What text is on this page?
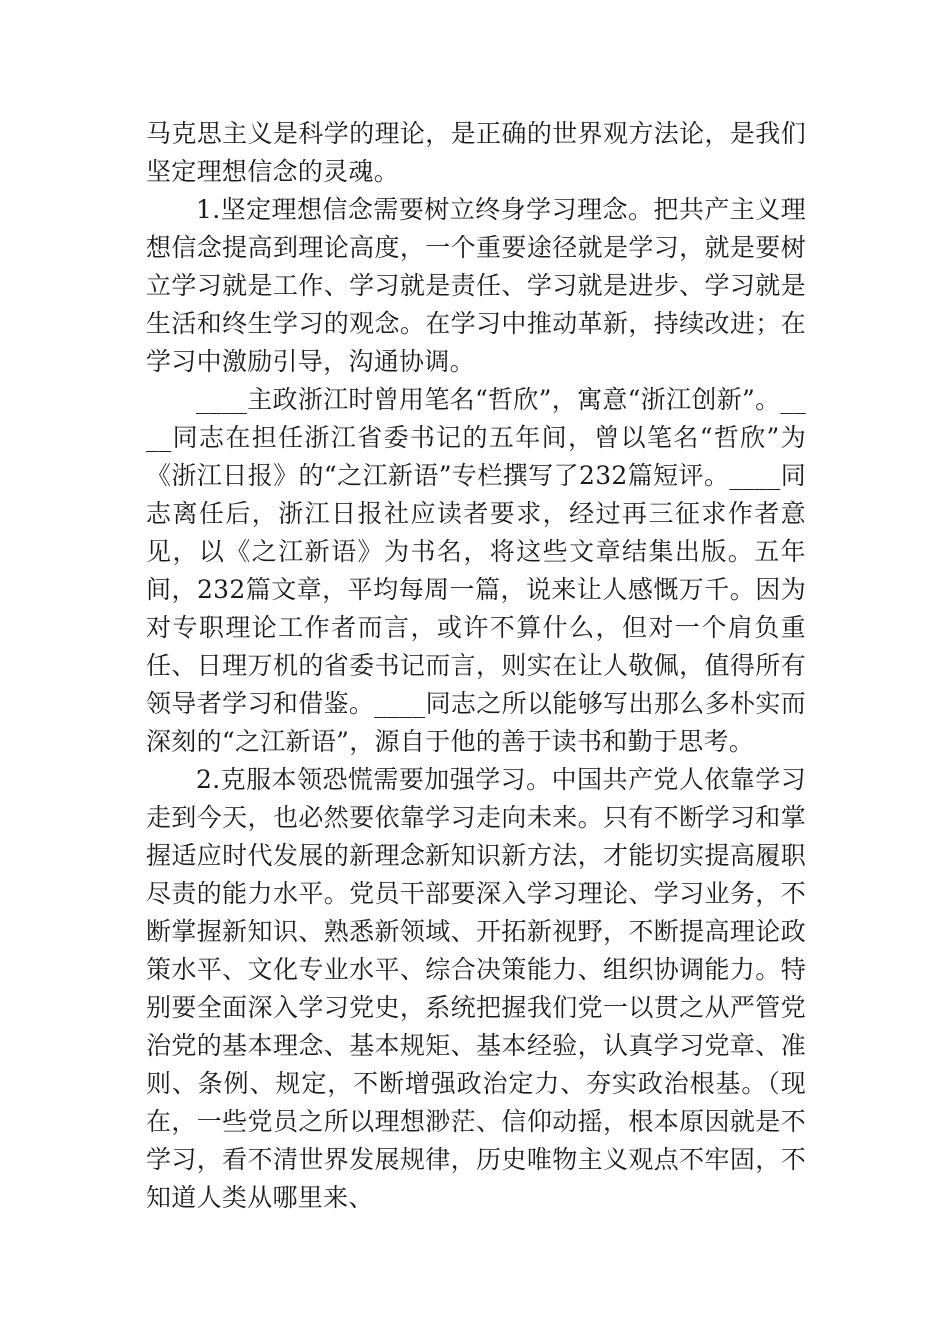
马克思主义是科学的理论，是正确的世界观方法论，是我们坚定理想信念的灵魂。

1.坚定理想信念需要树立终身学习理念。把共产主义理想信念提高到理论高度，一个重要途径就是学习，就是要树立学习就是工作、学习就是责任、学习就是进步、学习就是生活和终生学习的观念。在学习中推动革新，持续改进；在学习中激励引导，沟通协调。

____主政浙江时曾用笔名“哲欣”，寓意“浙江创新”。____同志在担任浙江省委书记的五年间，曾以笔名“哲欣”为《浙江日报》的“之江新语”专栏撰写了232篇短评。____同志离任后，浙江日报社应读者要求，经过再三征求作者意见，以《之江新语》为书名，将这些文章结集出版。五年间，232篇文章，平均每周一篇，说来让人感慨万千。因为对专职理论工作者而言，或许不算什么，但对一个肩负重任、日理万机的省委书记而言，则实在让人敬佩，值得所有领导者学习和借鉴。____同志之所以能够写出那么多朴实而深刻的“之江新语”，源自于他的善于读书和勤于思考。

2.克服本领恐慌需要加强学习。中国共产党人依靠学习走到今天，也必然要依靠学习走向未来。只有不断学习和掌握适应时代发展的新理念新知识新方法，才能切实提高履职尽责的能力水平。党员干部要深入学习理论、学习业务，不断掌握新知识、熟悉新领域、开拓新视野，不断提高理论政策水平、文化专业水平、综合决策能力、组织协调能力。特别要全面深入学习党史，系统把握我们党一以贯之从严管党治党的基本理念、基本规矩、基本经验，认真学习党章、准则、条例、规定，不断增强政治定力、夯实政治根基。（现在，一些党员之所以理想渺茫、信仰动摇，根本原因就是不学习，看不清世界发展规律，历史唯物主义观点不牢固，不知道人类从哪里来、
